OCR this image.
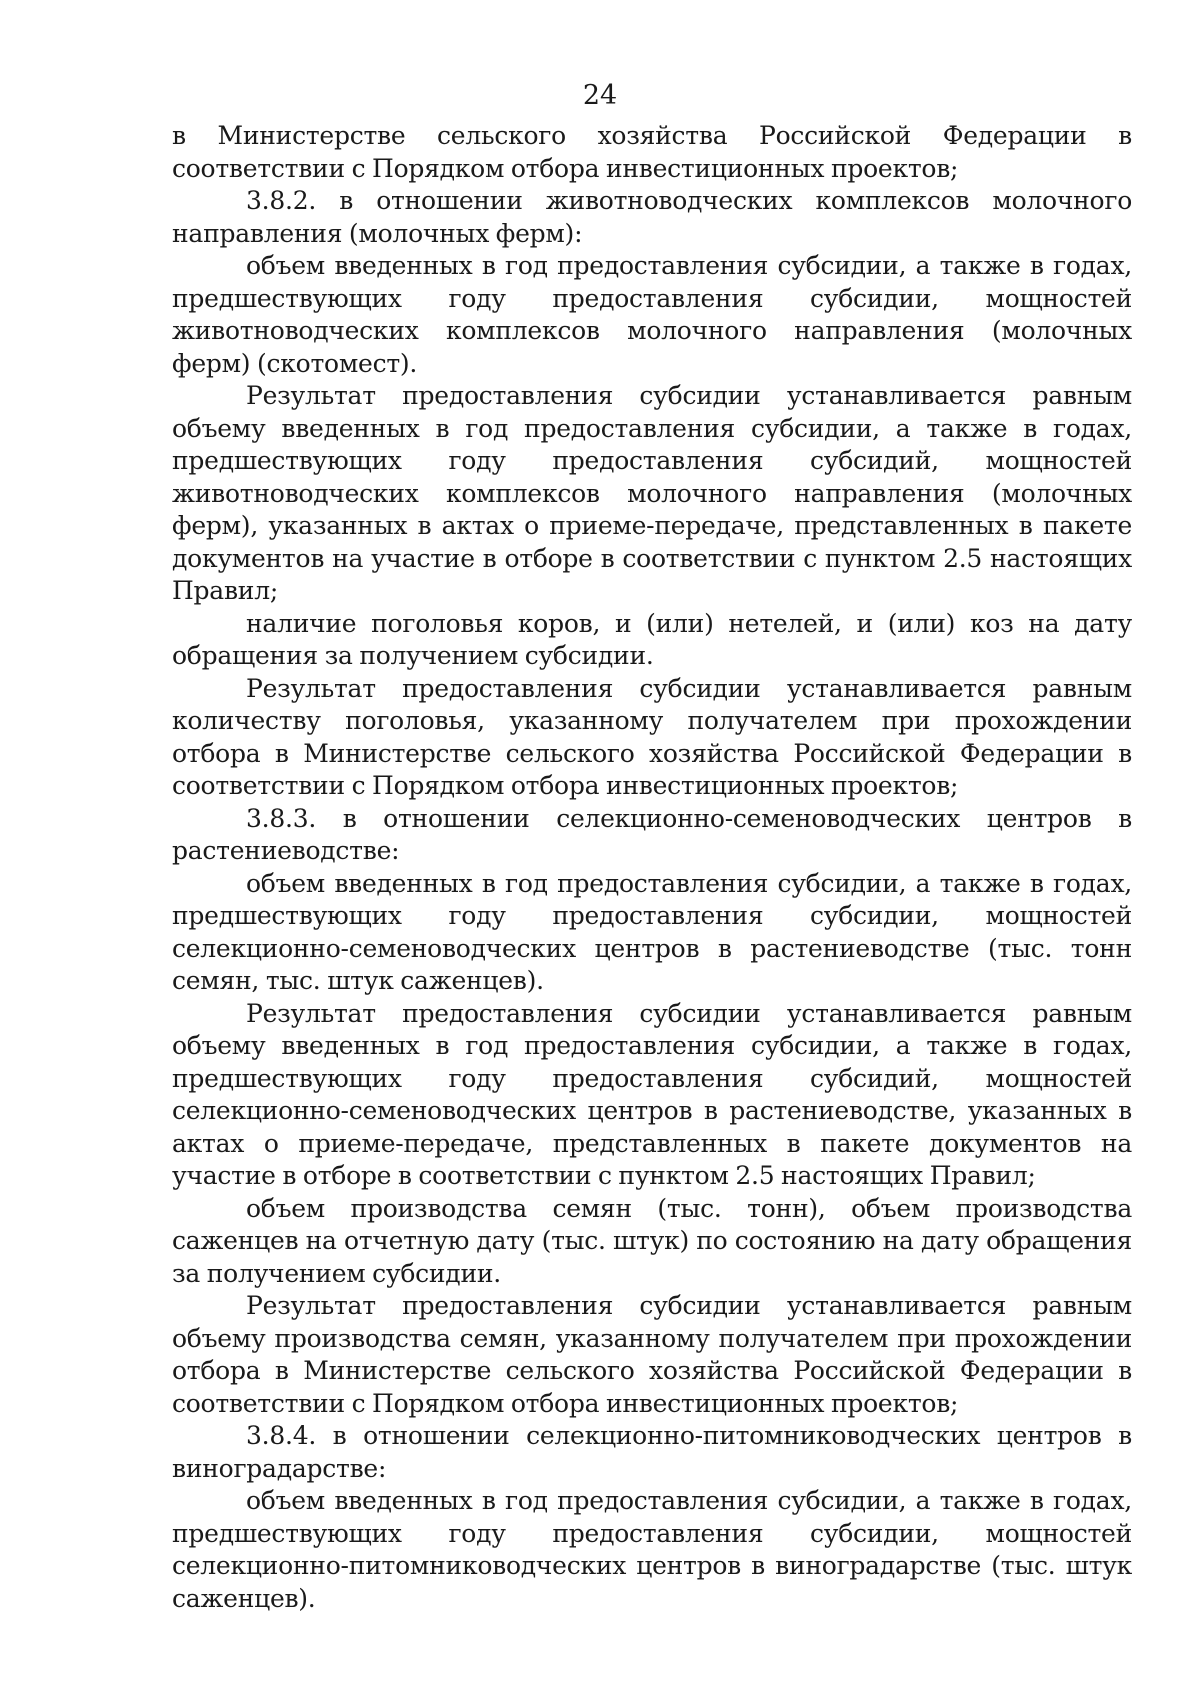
24

в Министерстве сельского хозяйства Российской Федерации в соответствии с Порядком отбора инвестиционных проектов;

3.8.2. в отношении животноводческих комплексов молочного направления (молочных ферм):

объем введенных в год предоставления субсидии, а также в годах, предшествующих году предоставления субсидии, мощностей животноводческих комплексов молочного направления (молочных ферм) (скотомест).

Результат предоставления субсидии устанавливается равным объему введенных в год предоставления субсидии, а также в годах, предшествующих году предоставления субсидий, мощностей животноводческих комплексов молочного направления (молочных ферм), указанных в актах о приеме-передаче, представленных в пакете документов на участие в отборе в соответствии с пунктом 2.5 настоящих Правил;

наличие поголовья коров, и (или) нетелей, и (или) коз на дату обращения за получением субсидии.

Результат предоставления субсидии устанавливается равным количеству поголовья, указанному получателем при прохождении отбора в Министерстве сельского хозяйства Российской Федерации в соответствии с Порядком отбора инвестиционных проектов;

3.8.3. в отношении селекционно-семеноводческих центров в растениеводстве:

объем введенных в год предоставления субсидии, а также в годах, предшествующих году предоставления субсидии, мощностей селекционно-семеноводческих центров в растениеводстве (тыс. тонн семян, тыс. штук саженцев).

Результат предоставления субсидии устанавливается равным объему введенных в год предоставления субсидии, а также в годах, предшествующих году предоставления субсидий, мощностей селекционно-семеноводческих центров в растениеводстве, указанных в актах о приеме-передаче, представленных в пакете документов на участие в отборе в соответствии с пунктом 2.5 настоящих Правил;

объем производства семян (тыс. тонн), объем производства саженцев на отчетную дату (тыс. штук) по состоянию на дату обращения за получением субсидии.

Результат предоставления субсидии устанавливается равным объему производства семян, указанному получателем при прохождении отбора в Министерстве сельского хозяйства Российской Федерации в соответствии с Порядком отбора инвестиционных проектов;

3.8.4. в отношении селекционно-питомниководческих центров в виноградарстве:

объем введенных в год предоставления субсидии, а также в годах, предшествующих году предоставления субсидии, мощностей селекционно-питомниководческих центров в виноградарстве (тыс. штук саженцев).
